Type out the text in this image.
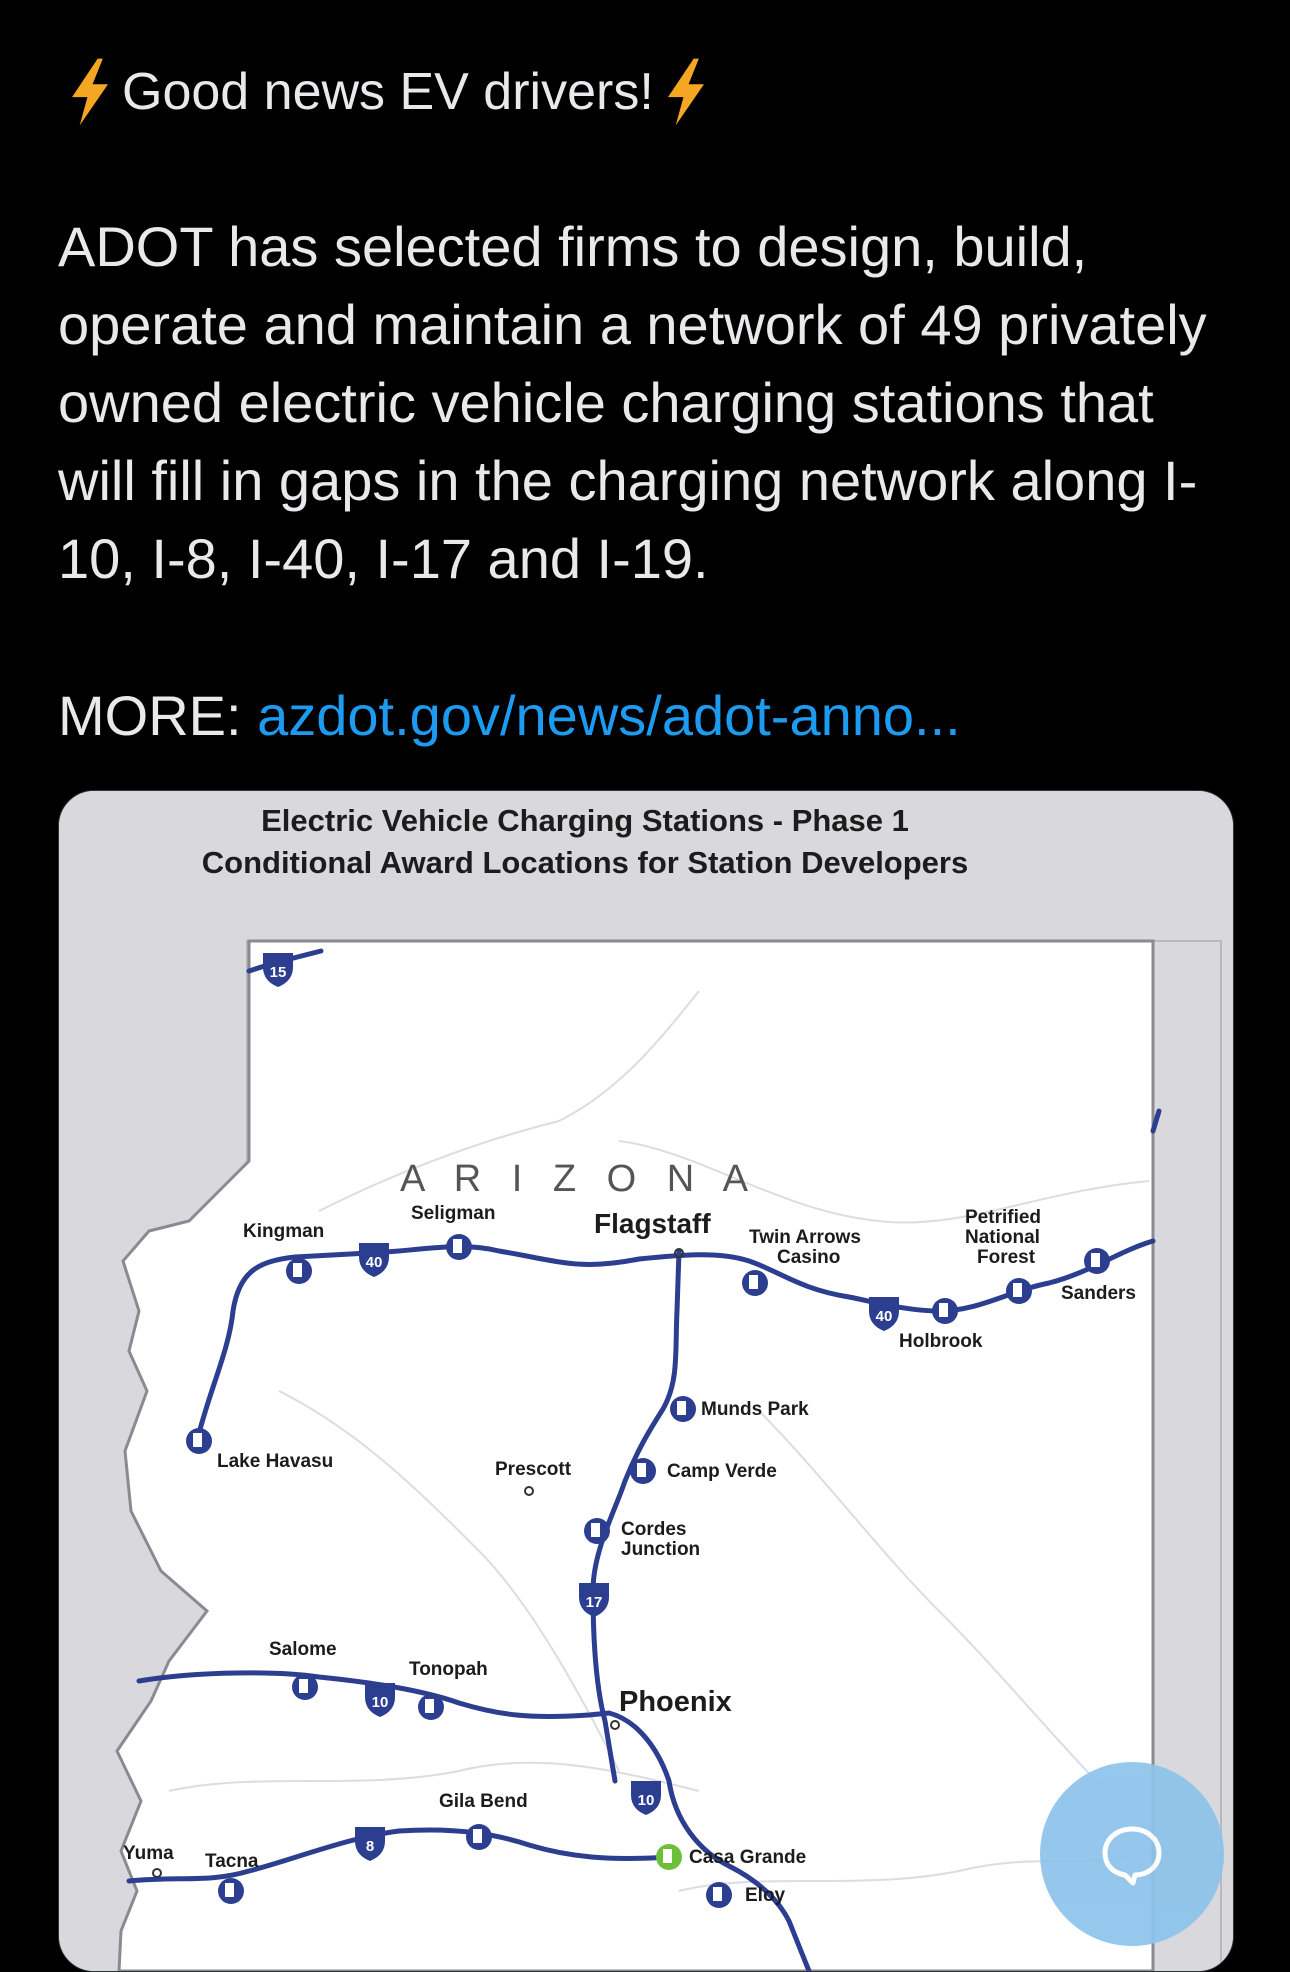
Good news EV drivers!
ADOT has selected firms to design, build, operate and maintain a network of 49 privately owned electric vehicle charging stations that will fill in gaps in the charging network along I-10, I-8, I-40, I-17 and I-19.
MORE: azdot.gov/news/adot-anno...
Electric Vehicle Charging Stations - Phase 1
Conditional Award Locations for Station Developers
A R I Z O N A
15
40
40
17
10
10
8
Kingman
Seligman	Flagstaff Twin Arrows
Casino
Petrified
National
Forest
Sanders
Holbrook
Munds Park
Lake Havasu	Prescott	Camp Verde
Cordes
Junction
Salome
Tonopah
Phoenix
Gila Bend
Yuma Tacna	Casa Grande
Eloy
